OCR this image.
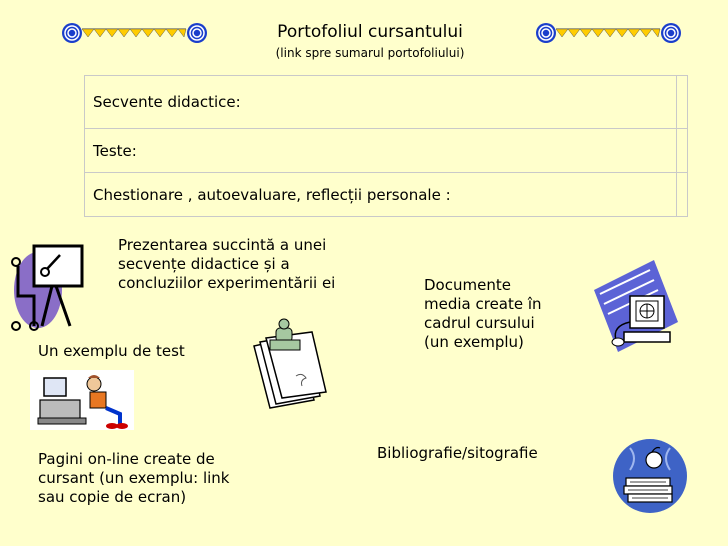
Portofoliul cursantului
(link spre sumarul portofoliului)
Secvente didactice:	
Teste:	
Chestionare , autoevaluare, reflecții personale :	
Prezentarea succintă a unei secvențe didactice și a concluziilor experimentării ei
Un exemplu de test
Documente media create în cadrul cursului (un exemplu)
Bibliografie/sitografie
Pagini on-line create de cursant (un exemplu: link sau copie de ecran)
